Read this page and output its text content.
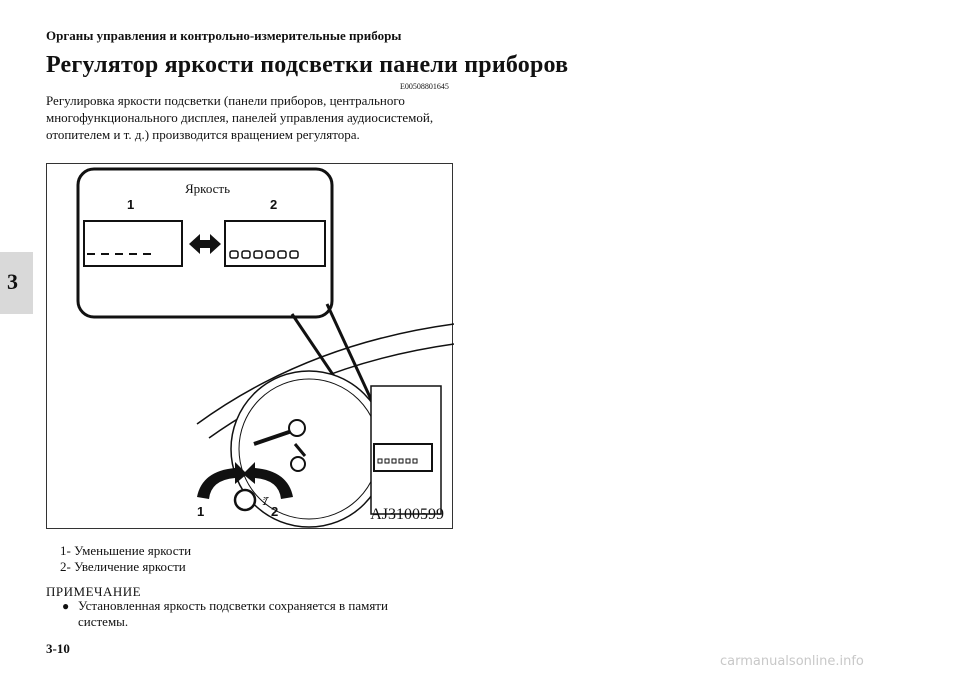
Органы управления и контрольно-измерительные приборы
3
Регулятор яркости подсветки панели приборов
E00508801645
Регулировка яркости подсветки (панели приборов, центрального многофункционального дисплея, панелей управления аудиосистемой, отопителем и т. д.) производится вращением регулятора.
Ꞽ
Яркость
1	2
1	2	AJ3100599
1- Уменьшение яркости
2- Увеличение яркости
ПРИМЕЧАНИЕ
● Установленная яркость подсветки сохраняется в памяти системы.
3-10
carmanualsonline.info
